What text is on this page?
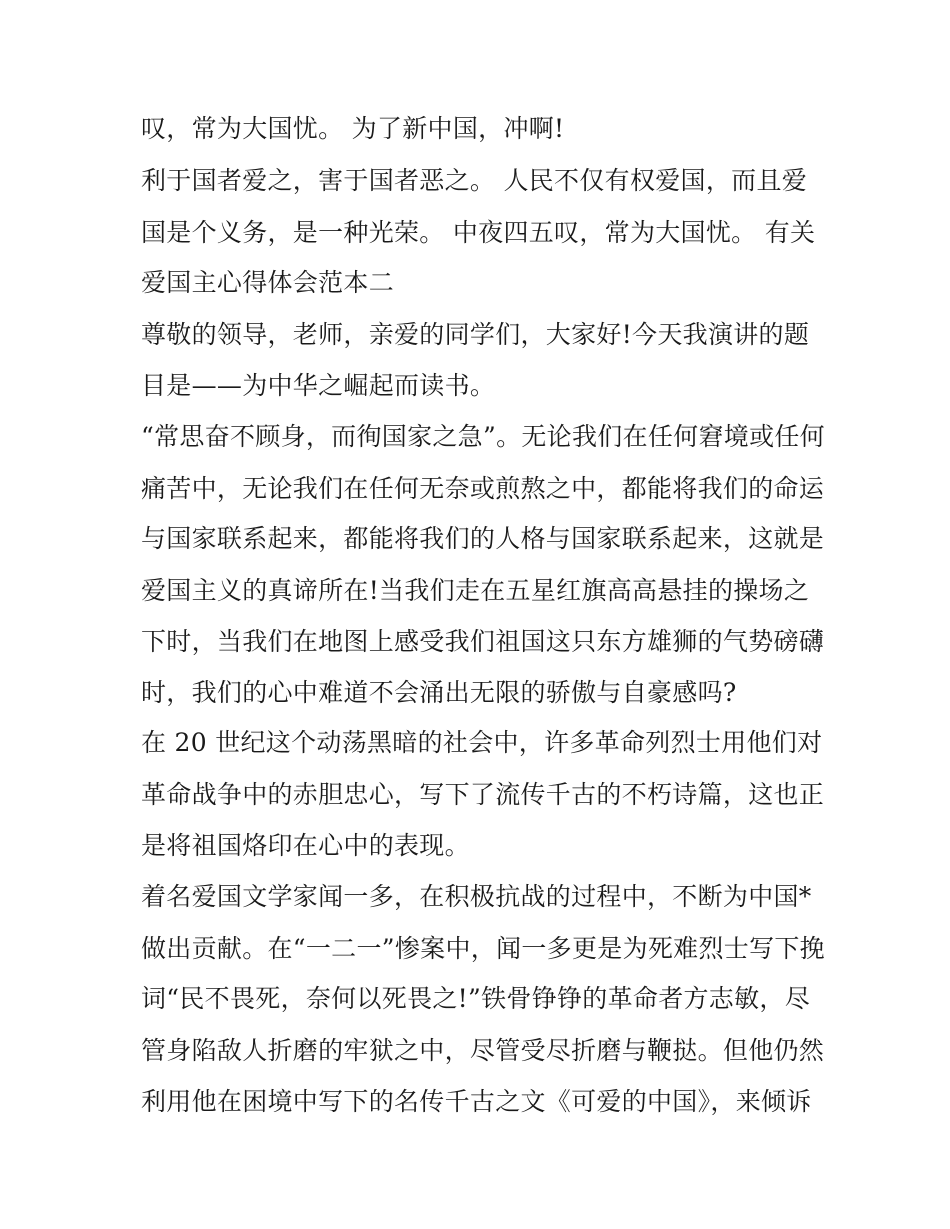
叹，常为大国忧。 为了新中国，冲啊!
利于国者爱之，害于国者恶之。 人民不仅有权爱国，而且爱
国是个义务，是一种光荣。 中夜四五叹，常为大国忧。 有关
爱国主心得体会范本二
尊敬的领导，老师，亲爱的同学们，大家好!今天我演讲的题
目是——为中华之崛起而读书。
“常思奋不顾身，而徇国家之急”。无论我们在任何窘境或任何
痛苦中，无论我们在任何无奈或煎熬之中，都能将我们的命运
与国家联系起来，都能将我们的人格与国家联系起来，这就是
爱国主义的真谛所在!当我们走在五星红旗高高悬挂的操场之
下时，当我们在地图上感受我们祖国这只东方雄狮的气势磅礴
时，我们的心中难道不会涌出无限的骄傲与自豪感吗?
在 20 世纪这个动荡黑暗的社会中，许多革命列烈士用他们对
革命战争中的赤胆忠心，写下了流传千古的不朽诗篇，这也正
是将祖国烙印在心中的表现。
着名爱国文学家闻一多，在积极抗战的过程中，不断为中国*
做出贡献。在“一二一”惨案中，闻一多更是为死难烈士写下挽
词“民不畏死，奈何以死畏之!”铁骨铮铮的革命者方志敏，尽
管身陷敌人折磨的牢狱之中，尽管受尽折磨与鞭挞。但他仍然
利用他在困境中写下的名传千古之文《可爱的中国》，来倾诉
